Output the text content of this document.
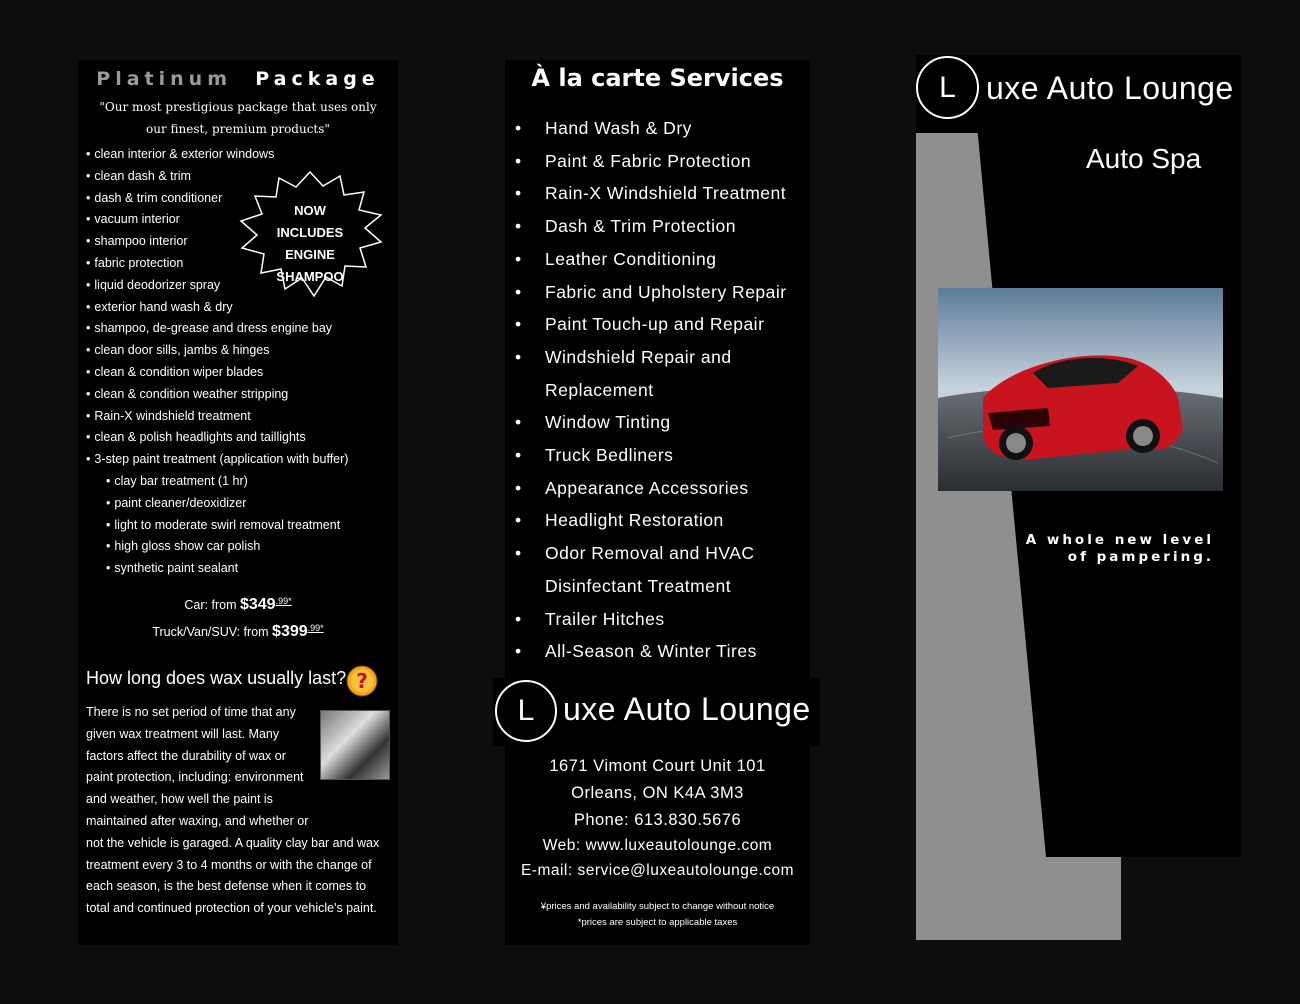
Platinum Package
"Our most prestigious package that uses only our finest, premium products"
• clean interior & exterior windows
• clean dash & trim
• dash & trim conditioner
• vacuum interior
• shampoo interior
• fabric protection
• liquid deodorizer spray
• exterior hand wash & dry
• shampoo, de-grease and dress engine bay
• clean door sills, jambs & hinges
• clean & condition wiper blades
• clean & condition weather stripping
• Rain-X windshield treatment
• clean & polish headlights and taillights
• 3-step paint treatment (application with buffer)
• clay bar treatment (1 hr)
• paint cleaner/deoxidizer
• light to moderate swirl removal treatment
• high gloss show car polish
• synthetic paint sealant
NOW
INCLUDES
ENGINE
SHAMPOO
Car: from $\$349^{.99*}$
Truck/Van/SUV: from $\$399^{.99*}$
How long does wax usually last? ?
There is no set period of time that any given wax treatment will last. Many factors affect the durability of wax or paint protection, including: environment and weather, how well the paint is maintained after waxing, and whether or not the vehicle is garaged. A quality clay bar and wax treatment every 3 to 4 months or with the change of each season, is the best defense when it comes to total and continued protection of your vehicle's paint.
À la carte Services
• Hand Wash & Dry
• Paint & Fabric Protection
• Rain-X Windshield Treatment
• Dash & Trim Protection
• Leather Conditioning
• Fabric and Upholstery Repair
• Paint Touch-up and Repair
• Windshield Repair and Replacement
• Window Tinting
• Truck Bedliners
• Appearance Accessories
• Headlight Restoration
• Odor Removal and HVAC Disinfectant Treatment
• Trailer Hitches
• All-Season & Winter Tires
L uxe Auto Lounge
1671 Vimont Court Unit 101
Orleans, ON K4A 3M3
Phone: 613.830.5676
Web: www.luxeautolounge.com
E-mail: service@luxeautolounge.com
¥prices and availability subject to change without notice
*prices are subject to applicable taxes
L uxe Auto Lounge
Auto Spa
A whole new level
of pampering.
